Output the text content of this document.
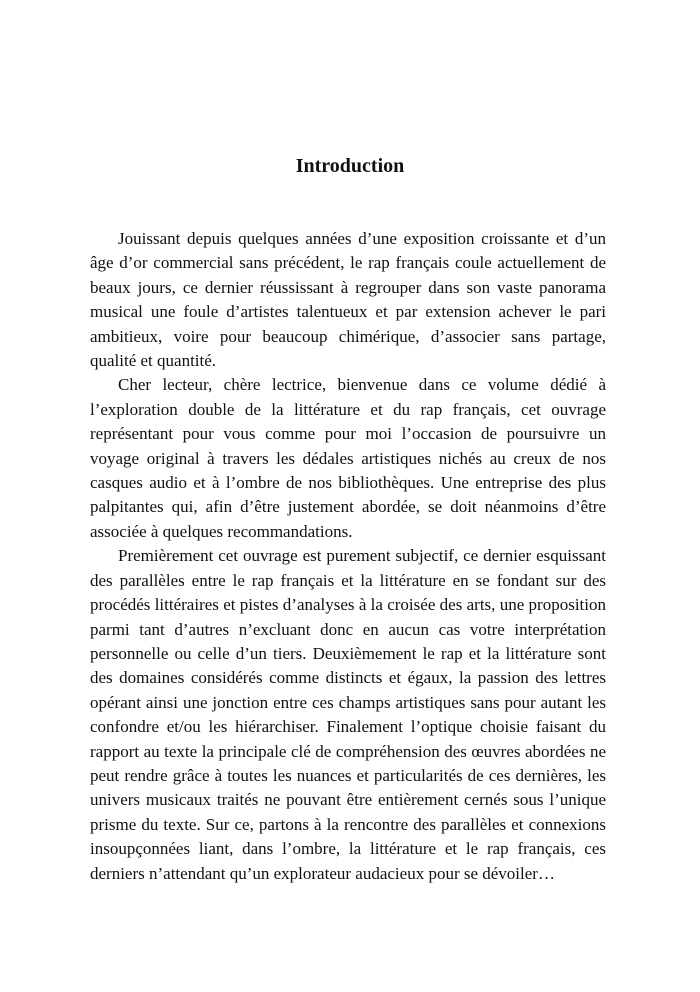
Introduction

Jouissant depuis quelques années d’une exposition croissante et d’un âge d’or commercial sans précédent, le rap français coule actuellement de beaux jours, ce dernier réussissant à regrouper dans son vaste panorama musical une foule d’artistes talentueux et par extension achever le pari ambitieux, voire pour beaucoup chimérique, d’associer sans partage, qualité et quantité.

Cher lecteur, chère lectrice, bienvenue dans ce volume dédié à l’exploration double de la littérature et du rap français, cet ouvrage représentant pour vous comme pour moi l’occasion de poursuivre un voyage original à travers les dédales artistiques nichés au creux de nos casques audio et à l’ombre de nos bibliothèques. Une entreprise des plus palpitantes qui, afin d’être justement abordée, se doit néanmoins d’être associée à quelques recommandations.

Premièrement cet ouvrage est purement subjectif, ce dernier esquissant des parallèles entre le rap français et la littérature en se fondant sur des procédés littéraires et pistes d’analyses à la croisée des arts, une proposition parmi tant d’autres n’excluant donc en aucun cas votre interprétation personnelle ou celle d’un tiers. Deuxièmement le rap et la littérature sont des domaines considérés comme distincts et égaux, la passion des lettres opérant ainsi une jonction entre ces champs artistiques sans pour autant les confondre et/ou les hiérarchiser. Finalement l’optique choisie faisant du rapport au texte la principale clé de compréhension des œuvres abordées ne peut rendre grâce à toutes les nuances et particularités de ces dernières, les univers musicaux traités ne pouvant être entièrement cernés sous l’unique prisme du texte. Sur ce, partons à la rencontre des parallèles et connexions insoupçonnées liant, dans l’ombre, la littérature et le rap français, ces derniers n’attendant qu’un explorateur audacieux pour se dévoiler…
